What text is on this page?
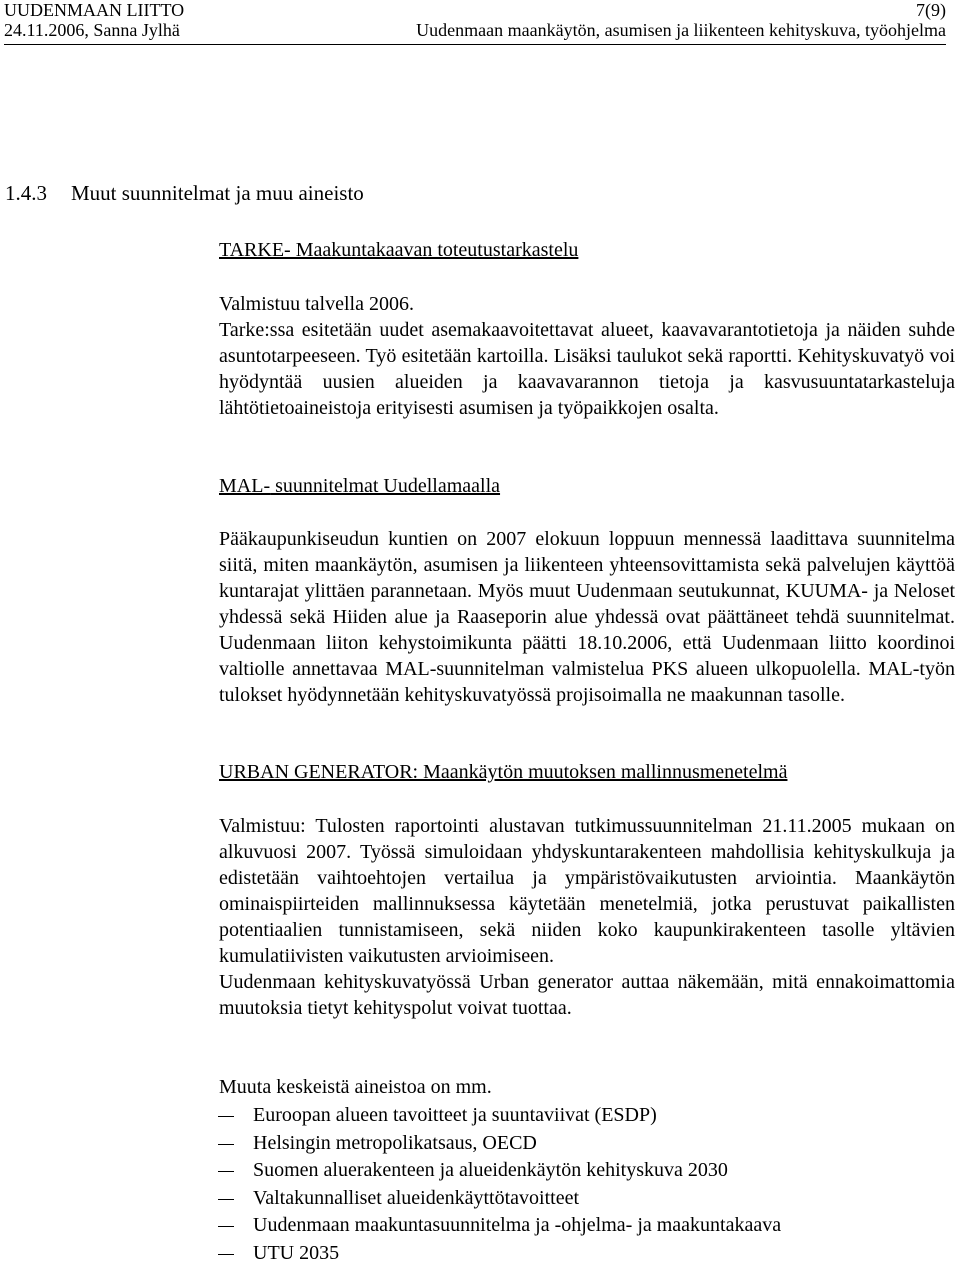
UUDENMAAN LIITTO
24.11.2006, Sanna Jylhä
7(9)
Uudenmaan maankäytön, asumisen ja liikenteen kehityskuva, työohjelma
1.4.3 Muut suunnitelmat ja muu aineisto
TARKE- Maakuntakaavan toteutustarkastelu

Valmistuu talvella 2006.

Tarke:ssa esitetään uudet asemakaavoitettavat alueet, kaavavarantotietoja ja näiden suhde asuntotarpeeseen. Työ esitetään kartoilla. Lisäksi taulukot sekä raportti. Kehityskuvatyö voi hyödyntää uusien alueiden ja kaavavarannon tietoja ja kasvusuuntatarkasteluja lähtötietoaineistoja erityisesti asumisen ja työpaikkojen osalta.

MAL- suunnitelmat Uudellamaalla

Pääkaupunkiseudun kuntien on 2007 elokuun loppuun mennessä laadittava suunnitelma siitä, miten maankäytön, asumisen ja liikenteen yhteensovittamista sekä palvelujen käyttöä kuntarajat ylittäen parannetaan. Myös muut Uudenmaan seutukunnat, KUUMA- ja Neloset yhdessä sekä Hiiden alue ja Raaseporin alue yhdessä ovat päättäneet tehdä suunnitelmat. Uudenmaan liiton kehystoimikunta päätti 18.10.2006, että Uudenmaan liitto koordinoi valtiolle annettavaa MAL-suunnitelman valmistelua PKS alueen ulkopuolella. MAL-työn tulokset hyödynnetään kehityskuvatyössä projisoimalla ne maakunnan tasolle.

URBAN GENERATOR: Maankäytön muutoksen mallinnusmenetelmä

Valmistuu: Tulosten raportointi alustavan tutkimussuunnitelman 21.11.2005 mukaan on alkuvuosi 2007. Työssä simuloidaan yhdyskuntarakenteen mahdollisia kehityskulkuja ja edistetään vaihtoehtojen vertailua ja ympäristövaikutusten arviointia. Maankäytön ominaispiirteiden mallinnuksessa käytetään menetelmiä, jotka perustuvat paikallisten potentiaalien tunnistamiseen, sekä niiden koko kaupunkirakenteen tasolle yltävien kumulatiivisten vaikutusten arvioimiseen.

Uudenmaan kehityskuvatyössä Urban generator auttaa näkemään, mitä ennakoimattomia muutoksia tietyt kehityspolut voivat tuottaa.

Muuta keskeistä aineistoa on mm.

Euroopan alueen tavoitteet ja suuntaviivat (ESDP)
Helsingin metropolikatsaus, OECD
Suomen aluerakenteen ja alueidenkäytön kehityskuva 2030
Valtakunnalliset alueidenkäyttötavoitteet
Uudenmaan maakuntasuunnitelma ja -ohjelma- ja maakuntakaava
UTU 2035
